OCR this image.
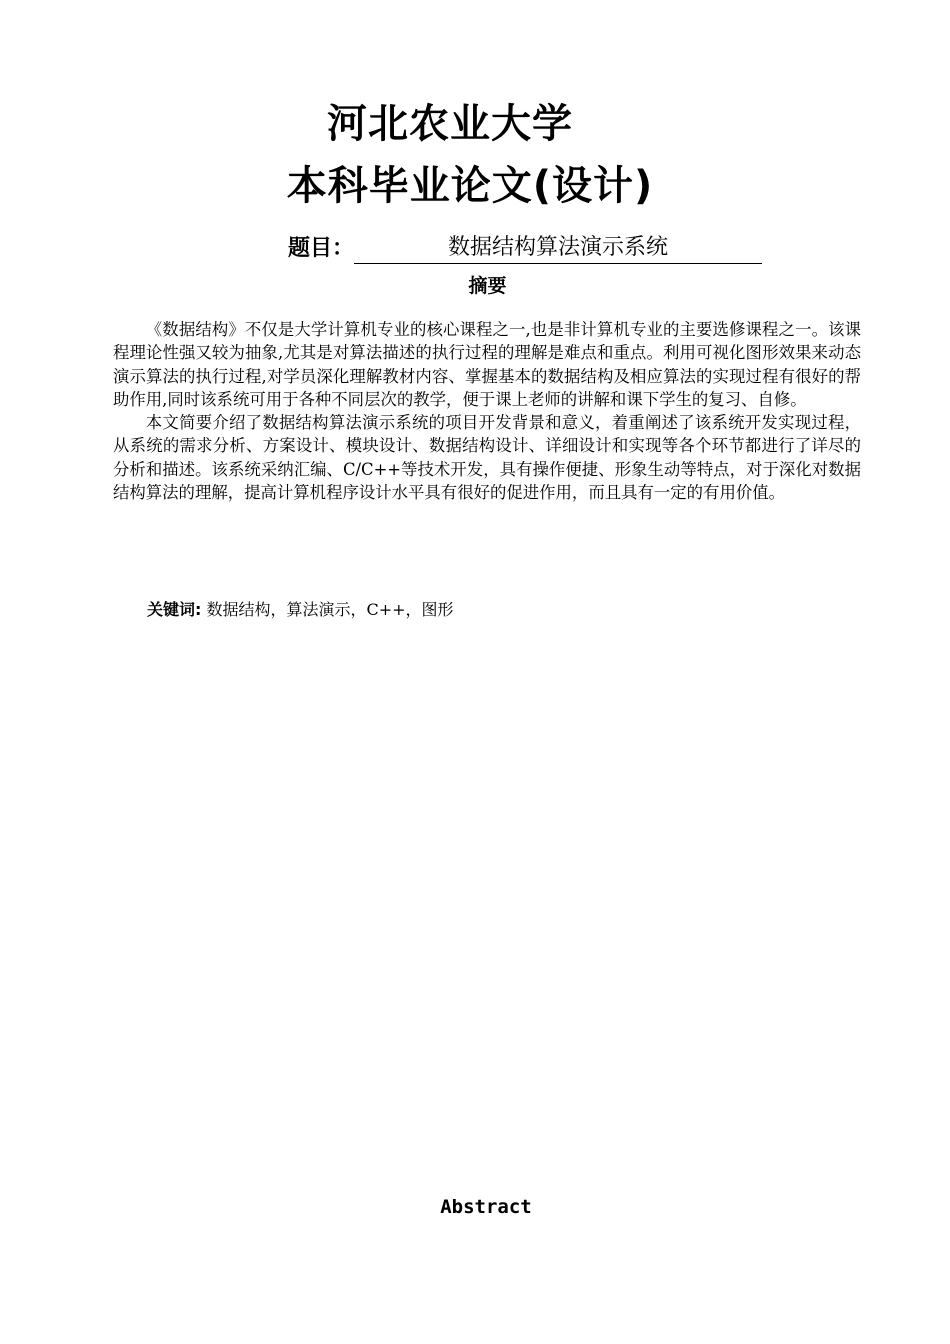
河北农业大学
本科毕业论文(设计)
题目：	数据结构算法演示系统
摘要

《数据结构》不仅是大学计算机专业的核心课程之一,也是非计算机专业的主要选修课程之一。该课程理论性强又较为抽象,尤其是对算法描述的执行过程的理解是难点和重点。利用可视化图形效果来动态演示算法的执行过程,对学员深化理解教材内容、掌握基本的数据结构及相应算法的实现过程有很好的帮助作用,同时该系统可用于各种不同层次的教学，便于课上老师的讲解和课下学生的复习、自修。

本文简要介绍了数据结构算法演示系统的项目开发背景和意义，着重阐述了该系统开发实现过程，从系统的需求分析、方案设计、模块设计、数据结构设计、详细设计和实现等各个环节都进行了详尽的分析和描述。该系统采纳汇编、C/C++等技术开发，具有操作便捷、形象生动等特点，对于深化对数据结构算法的理解，提高计算机程序设计水平具有很好的促进作用，而且具有一定的有用价值。

关键词: 数据结构，算法演示，C++，图形
Abstract
